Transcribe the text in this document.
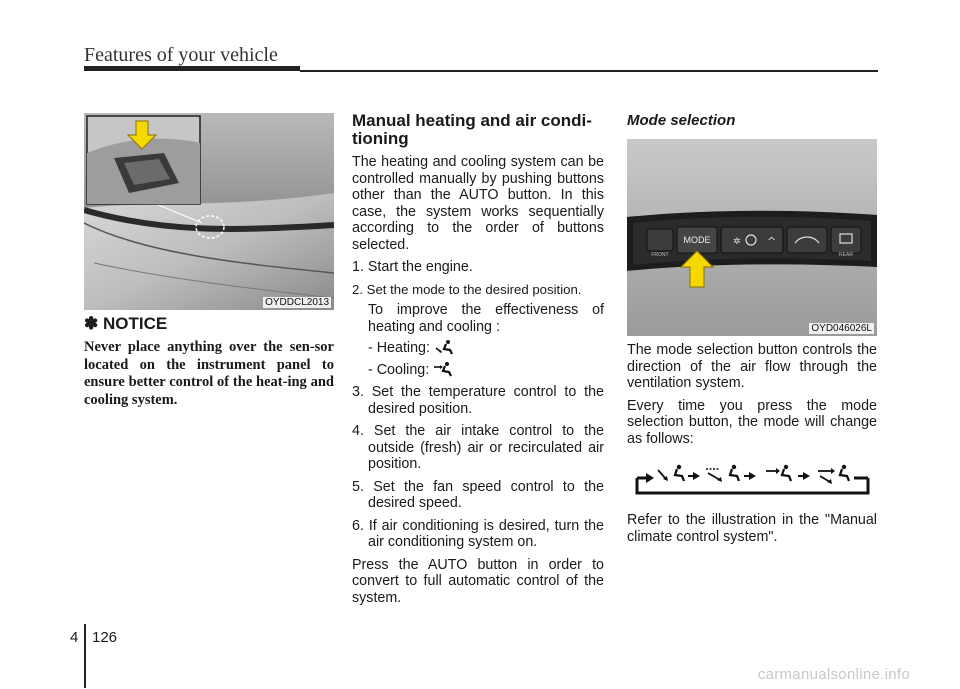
Features of your vehicle
OYDDCL2013
✽ NOTICE
Never place anything over the sen-sor located on the instrument panel to ensure better control of the heat-ing and cooling system.
Manual heating and air condi-
tioning

The heating and cooling system can be controlled manually by pushing buttons other than the AUTO button. In this case, the system works sequentially according to the order of buttons selected.

1. Start the engine.

2. Set the mode to the desired position.

To improve the effectiveness of heating and cooling :

- Heating:

- Cooling:

3. Set the temperature control to the desired position.

4. Set the air intake control to the outside (fresh) air or recirculated air position.

5. Set the fan speed control to the desired speed.

6. If air conditioning is desired, turn the air conditioning system on.

Press the AUTO button in order to convert to full automatic control of the system.

Mode selection
MODE	✲ ^
FRONT	REAR
OYD046026L

The mode selection button controls the direction of the air flow through the ventilation system.

Every time you press the mode selection button, the mode will change as follows:

Refer to the illustration in the "Manual climate control system".

4 126
carmanualsonline.info
